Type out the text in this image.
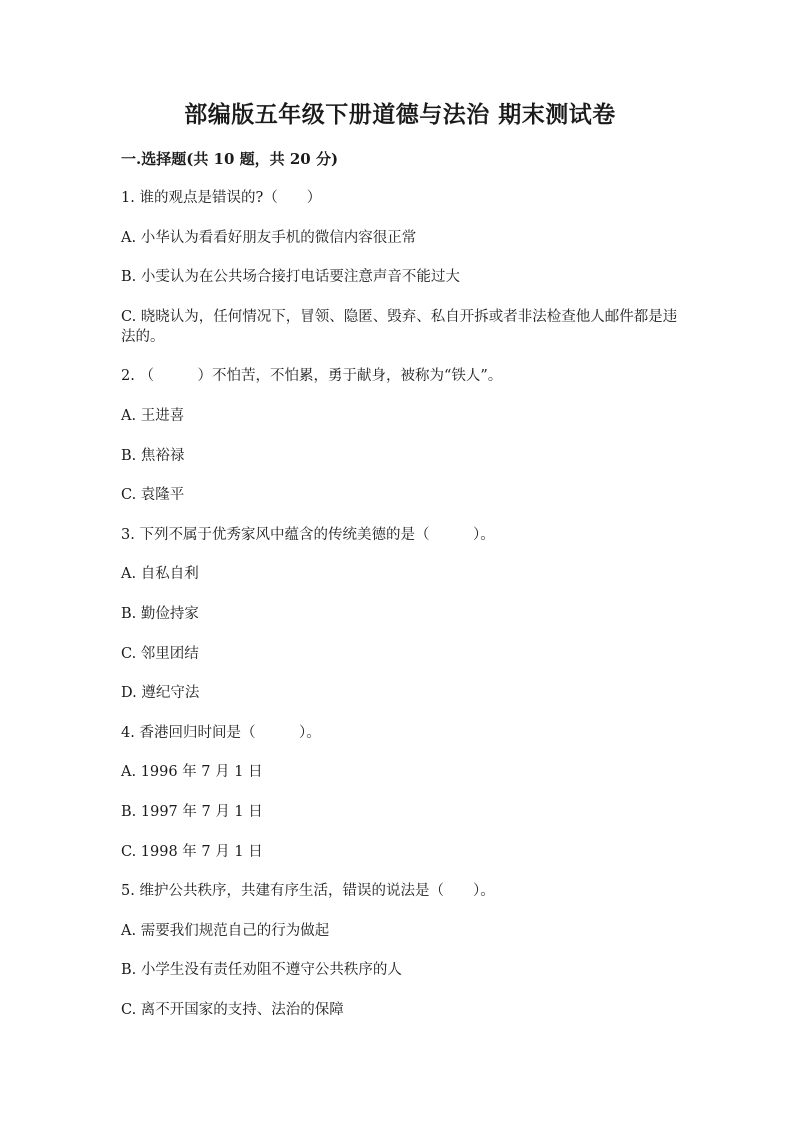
部编版五年级下册道德与法治 期末测试卷
一.选择题(共 10 题，共 20 分)
1. 谁的观点是错误的?（　　）
A. 小华认为看看好朋友手机的微信内容很正常
B. 小雯认为在公共场合接打电话要注意声音不能过大
C. 晓晓认为，任何情况下，冒领、隐匿、毁弃、私自开拆或者非法检查他人邮件都是违法的。
2. （　　　）不怕苦，不怕累，勇于献身，被称为“铁人”。
A. 王进喜
B. 焦裕禄
C. 袁隆平
3. 下列不属于优秀家风中蕴含的传统美德的是（　　　）。
A. 自私自利
B. 勤俭持家
C. 邻里团结
D. 遵纪守法
4. 香港回归时间是（　　　）。
A. 1996 年 7 月 1 日
B. 1997 年 7 月 1 日
C. 1998 年 7 月 1 日
5. 维护公共秩序，共建有序生活，错误的说法是（　　）。
A. 需要我们规范自己的行为做起
B. 小学生没有责任劝阻不遵守公共秩序的人
C. 离不开国家的支持、法治的保障
